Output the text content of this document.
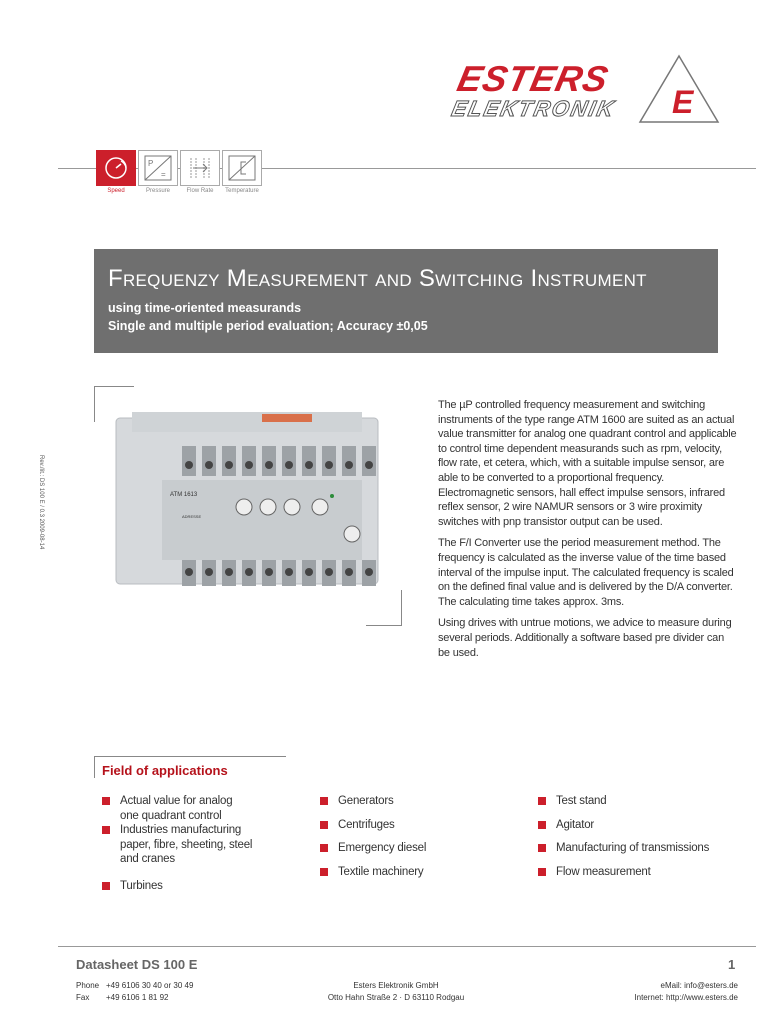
ESTERS
ELEKTRONIK E
P
=
Speed	Pressure	Flow Rate	Temperature
Frequenzy Measurement and Switching Instrument
using time-oriented measurands
Single and multiple period evaluation; Accuracy ±0,05
Rev./lit.: DS 100 E / 0.3 2009-08-14	ATM 1613
ADRESSE

The µP controlled frequency measurement and switching instruments of the type range ATM 1600 are suited as an actual value transmitter for analog one quadrant control and applicable to control time dependent measurands such as rpm, velocity, flow rate, et cetera, which, with a suitable impulse sensor, are able to be converted to a proportional frequency. Electromagnetic sensors, hall effect impulse sensors, infrared reflex sensor, 2 wire NAMUR sensors or 3 wire proximity switches with pnp transistor output can be used.

The F/I Converter use the period measurement method. The frequency is calculated as the inverse value of the time based interval of the impulse input. The calculated frequency is scaled on the defined final value and is delivered by the D/A converter. The calculating time takes approx. 3ms.

Using drives with untrue motions, we advice to measure during several periods. Additionally a software based pre divider can be used.

Field of applications
Actual value for analog one quadrant control
Industries manufacturing paper, fibre, sheeting, steel and cranes
Turbines
Generators
Centrifuges
Emergency diesel
Textile machinery
Test stand
Agitator
Manufacturing of transmissions
Flow measurement
Datasheet DS 100 E	1
Phone +49 6106 30 40 or 30 49
Fax +49 6106 1 81 92
Esters Elektronik GmbH
Otto Hahn Straße 2 · D 63110 Rodgau
eMail: info@esters.de
Internet: http://www.esters.de
